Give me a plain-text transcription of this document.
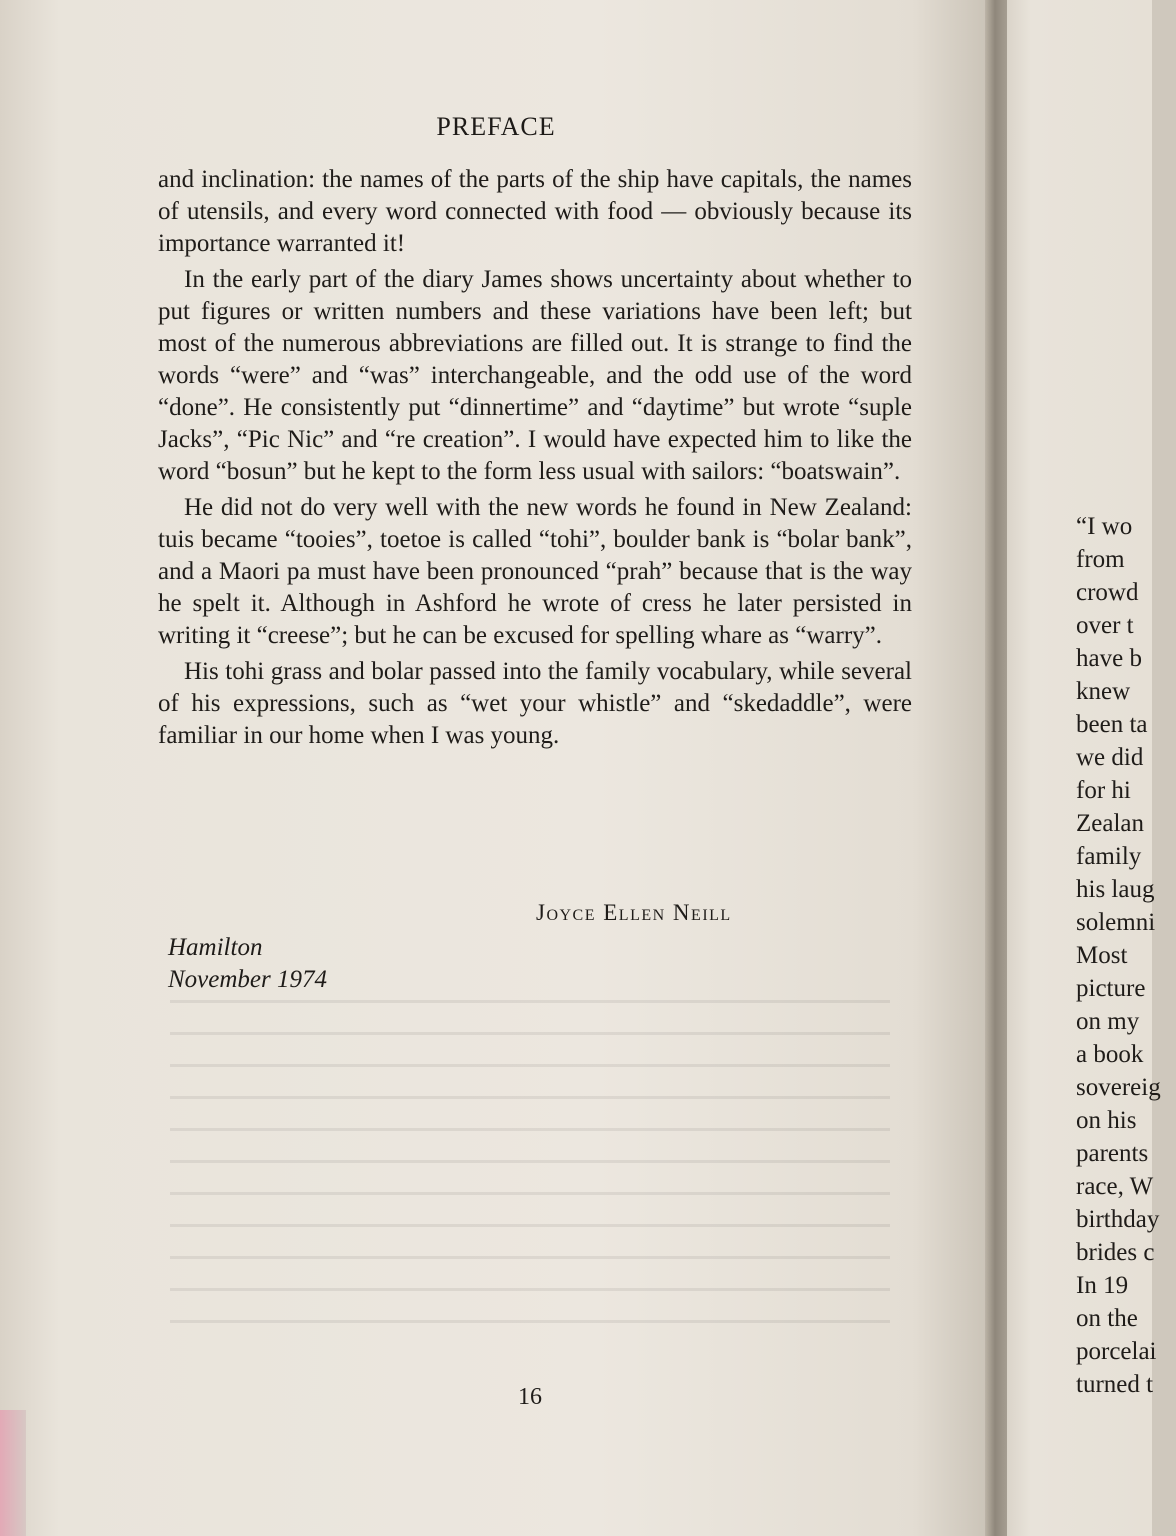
PREFACE

and inclination: the names of the parts of the ship have capitals, the names of utensils, and every word connected with food — obviously because its importance warranted it!

In the early part of the diary James shows uncertainty about whether to put figures or written numbers and these variations have been left; but most of the numerous abbreviations are filled out. It is strange to find the words “were” and “was” interchangeable, and the odd use of the word “done”. He consistently put “dinnertime” and “daytime” but wrote “suple Jacks”, “Pic Nic” and “re creation”. I would have expected him to like the word “bosun” but he kept to the form less usual with sailors: “boatswain”.

He did not do very well with the new words he found in New Zealand: tuis became “tooies”, toetoe is called “tohi”, boulder bank is “bolar bank”, and a Maori pa must have been pronounced “prah” because that is the way he spelt it. Although in Ashford he wrote of cress he later persisted in writing it “creese”; but he can be excused for spelling whare as “warry”.

His tohi grass and bolar passed into the family vocabulary, while several of his expressions, such as “wet your whistle” and “skedaddle”, were familiar in our home when I was young.

Joyce Ellen Neill
Hamilton
November 1974
16
“I wo
from
crowd
over t
have b
knew
been ta
we did
for hi
Zealan
family
his laug
solemni
Most
picture
on my
a book
sovereig
on his
parents
race, W
birthday
brides c
In 19
on the
porcelai
turned t
